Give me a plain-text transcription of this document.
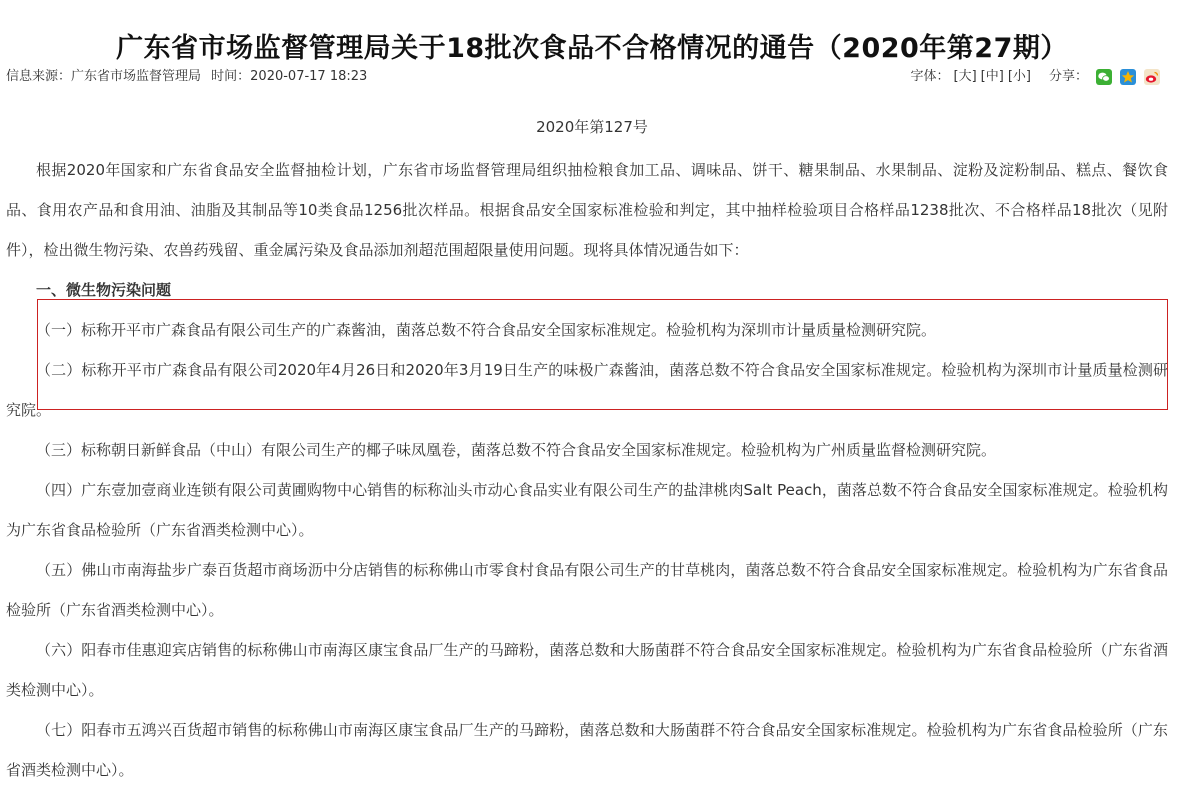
广东省市场监督管理局关于18批次食品不合格情况的通告（2020年第27期）
信息来源：广东省市场监督管理局 时间：2020-07-17 18:23	字体： [大] [中] [小] 分享：
2020年第127号

根据2020年国家和广东省食品安全监督抽检计划，广东省市场监督管理局组织抽检粮食加工品、调味品、饼干、糖果制品、水果制品、淀粉及淀粉制品、糕点、餐饮食品、食用农产品和食用油、油脂及其制品等10类食品1256批次样品。根据食品安全国家标准检验和判定，其中抽样检验项目合格样品1238批次、不合格样品18批次（见附件），检出微生物污染、农兽药残留、重金属污染及食品添加剂超范围超限量使用问题。现将具体情况通告如下：

一、微生物污染问题

（一）标称开平市广森食品有限公司生产的广森酱油，菌落总数不符合食品安全国家标准规定。检验机构为深圳市计量质量检测研究院。

（二）标称开平市广森食品有限公司2020年4月26日和2020年3月19日生产的味极广森酱油，菌落总数不符合食品安全国家标准规定。检验机构为深圳市计量质量检测研究院。

（三）标称朝日新鲜食品（中山）有限公司生产的椰子味凤凰卷，菌落总数不符合食品安全国家标准规定。检验机构为广州质量监督检测研究院。

（四）广东壹加壹商业连锁有限公司黄圃购物中心销售的标称汕头市动心食品实业有限公司生产的盐津桃肉Salt Peach，菌落总数不符合食品安全国家标准规定。检验机构为广东省食品检验所（广东省酒类检测中心）。

（五）佛山市南海盐步广泰百货超市商场沥中分店销售的标称佛山市零食村食品有限公司生产的甘草桃肉，菌落总数不符合食品安全国家标准规定。检验机构为广东省食品检验所（广东省酒类检测中心）。

（六）阳春市佳惠迎宾店销售的标称佛山市南海区康宝食品厂生产的马蹄粉，菌落总数和大肠菌群不符合食品安全国家标准规定。检验机构为广东省食品检验所（广东省酒类检测中心）。

（七）阳春市五鸿兴百货超市销售的标称佛山市南海区康宝食品厂生产的马蹄粉，菌落总数和大肠菌群不符合食品安全国家标准规定。检验机构为广东省食品检验所（广东省酒类检测中心）。
